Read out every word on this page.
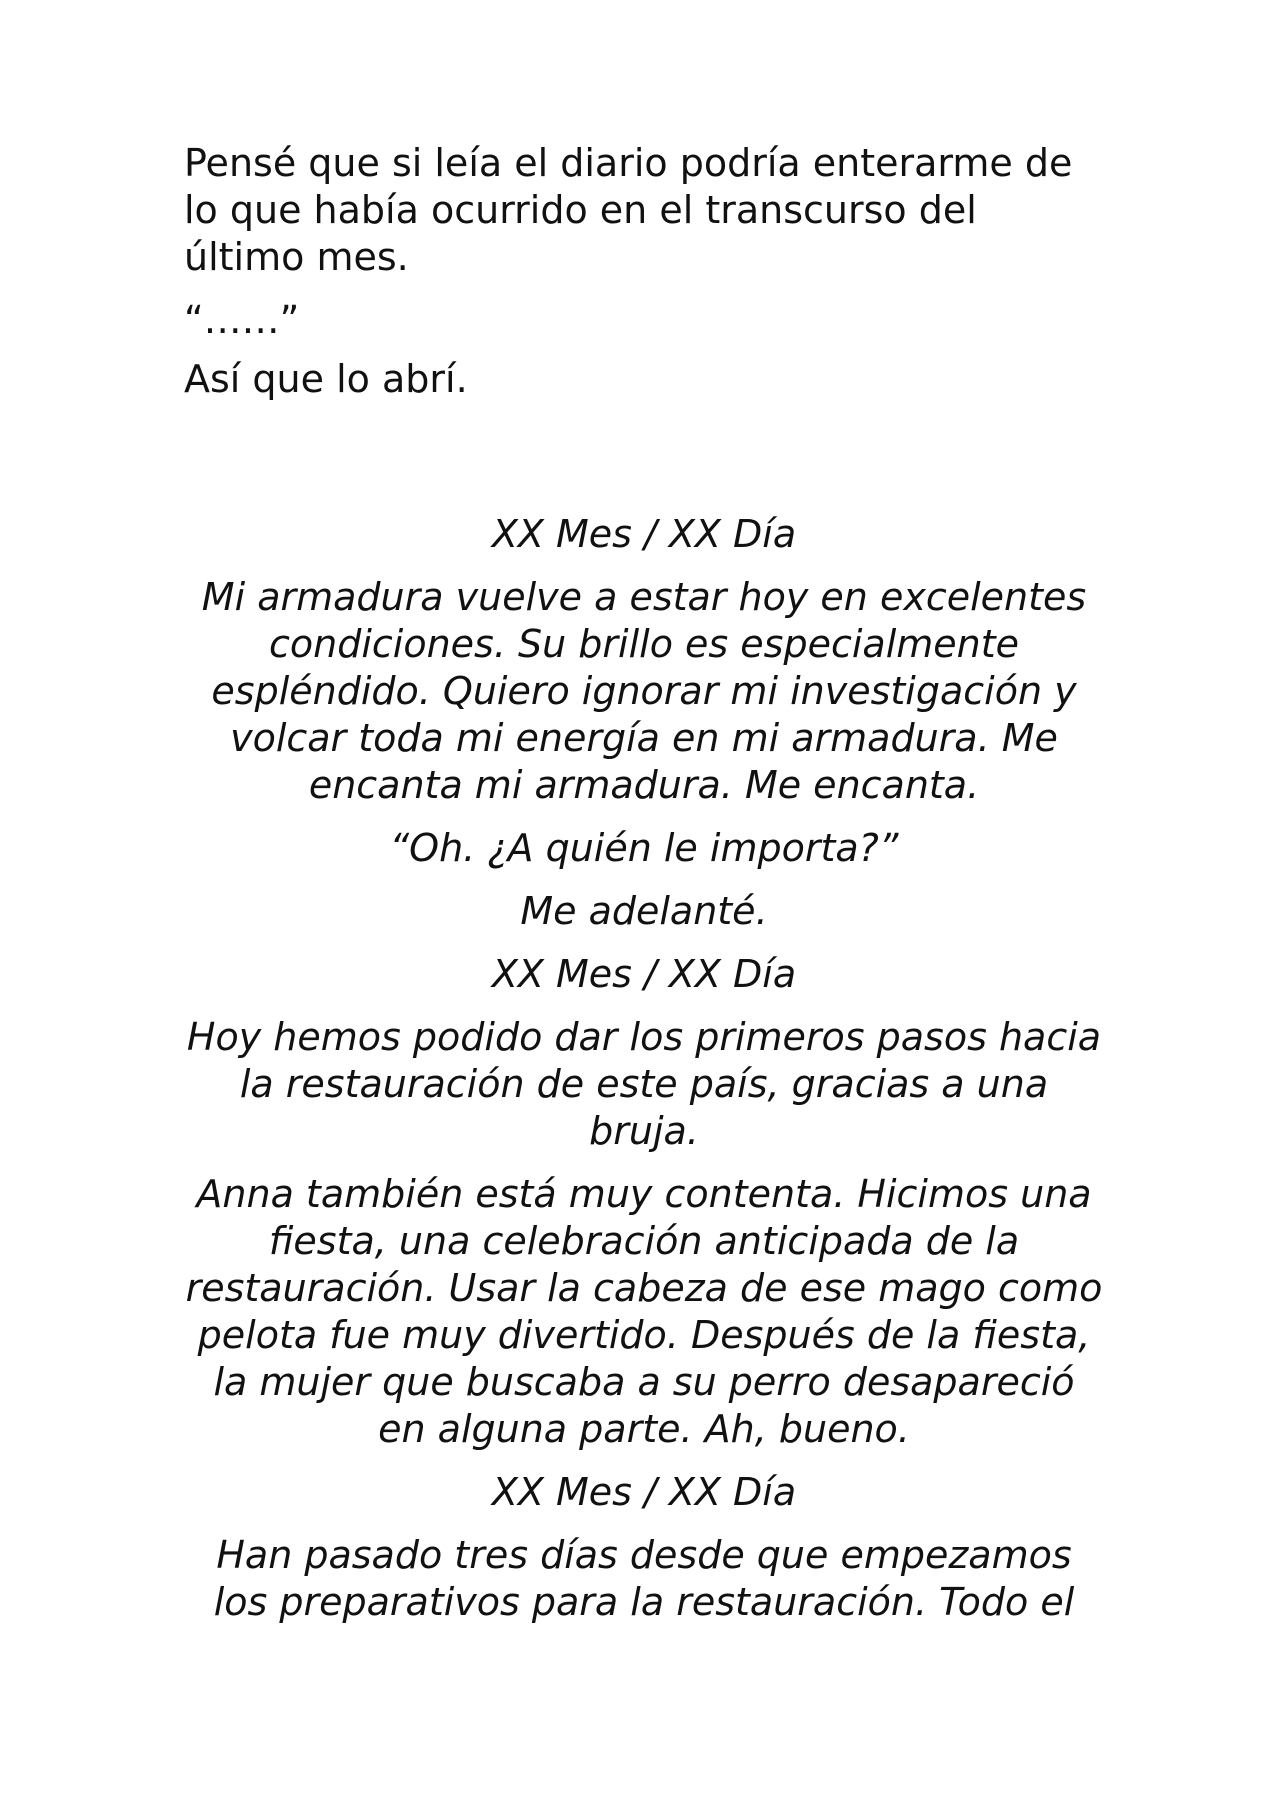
Pensé que si leía el diario podría enterarme de lo que había ocurrido en el transcurso del último mes.

“……”

Así que lo abrí.

XX Mes / XX Día

Mi armadura vuelve a estar hoy en excelentes condiciones. Su brillo es especialmente espléndido. Quiero ignorar mi investigación y volcar toda mi energía en mi armadura. Me encanta mi armadura. Me encanta.

“Oh. ¿A quién le importa?”

Me adelanté.

XX Mes / XX Día

Hoy hemos podido dar los primeros pasos hacia la restauración de este país, gracias a una bruja.

Anna también está muy contenta. Hicimos una fiesta, una celebración anticipada de la restauración. Usar la cabeza de ese mago como pelota fue muy divertido. Después de la fiesta, la mujer que buscaba a su perro desapareció en alguna parte. Ah, bueno.

XX Mes / XX Día

Han pasado tres días desde que empezamos los preparativos para la restauración. Todo el
